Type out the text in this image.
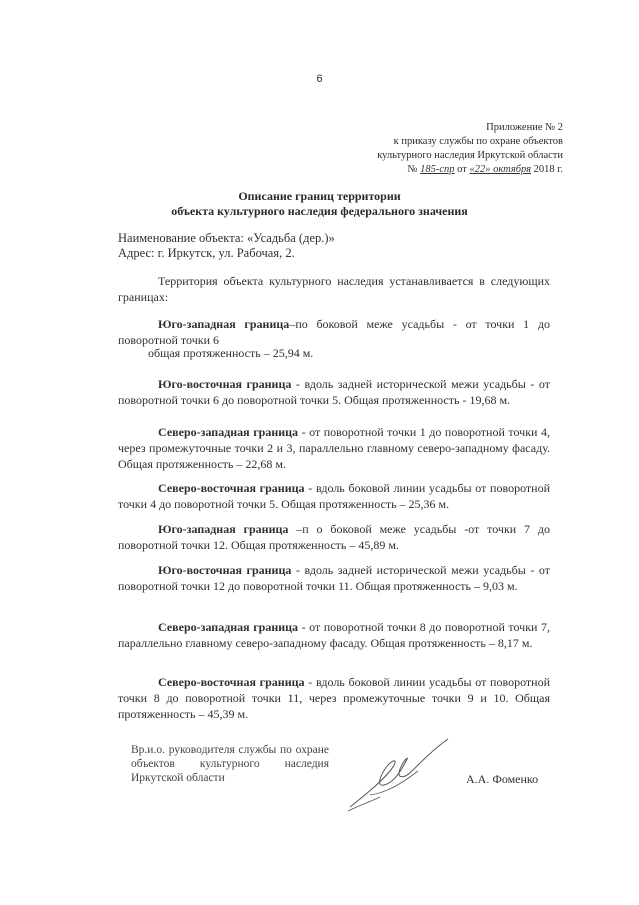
6
Приложение № 2
к приказу службы по охране объектов
культурного наследия Иркутской области
№ 185-спр от «22» октября 2018 г.
Описание границ территории
объекта культурного наследия федерального значения
Наименование объекта: «Усадьба (дер.)»
Адрес: г. Иркутск, ул. Рабочая, 2.
Территория объекта культурного наследия устанавливается в следующих границах:
Юго-западная граница–по боковой меже усадьбы - от точки 1 до поворотной точки 6
общая протяженность – 25,94 м.
Юго-восточная граница - вдоль задней исторической межи усадьбы - от поворотной точки 6 до поворотной точки 5. Общая протяженность - 19,68 м.
Северо-западная граница - от поворотной точки 1 до поворотной точки 4, через промежуточные точки 2 и 3, параллельно главному северо-западному фасаду. Общая протяженность – 22,68 м.
Северо-восточная граница - вдоль боковой линии усадьбы от поворотной точки 4 до поворотной точки 5. Общая протяженность – 25,36 м.
Юго-западная граница –п о боковой меже усадьбы -от точки 7 до поворотной точки 12. Общая протяженность – 45,89 м.
Юго-восточная граница - вдоль задней исторической межи усадьбы - от поворотной точки 12 до поворотной точки 11. Общая протяженность – 9,03 м.
Северо-западная граница - от поворотной точки 8 до поворотной точки 7, параллельно главному северо-западному фасаду. Общая протяженность – 8,17 м.
Северо-восточная граница - вдоль боковой линии усадьбы от поворотной точки 8 до поворотной точки 11, через промежуточные точки 9 и 10. Общая протяженность – 45,39 м.
Вр.и.о. руководителя службы по охране объектов культурного наследия Иркутской области	А.А. Фоменко
